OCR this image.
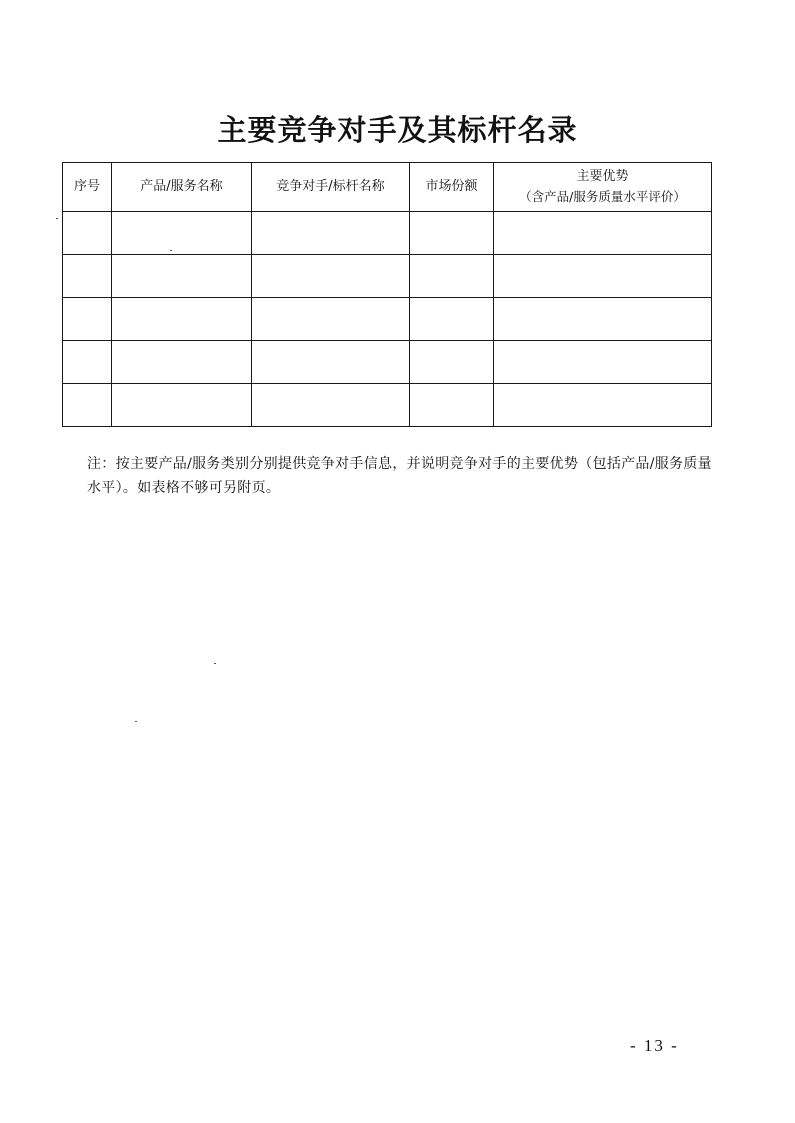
主要竞争对手及其标杆名录
序号	产品/服务名称	竞争对手/标杆名称	市场份额	主要优势
（含产品/服务质量水平评价）

注：按主要产品/服务类别分别提供竞争对手信息，并说明竞争对手的主要优势（包括产品/服务质量水平）。如表格不够可另附页。

- 13 -
